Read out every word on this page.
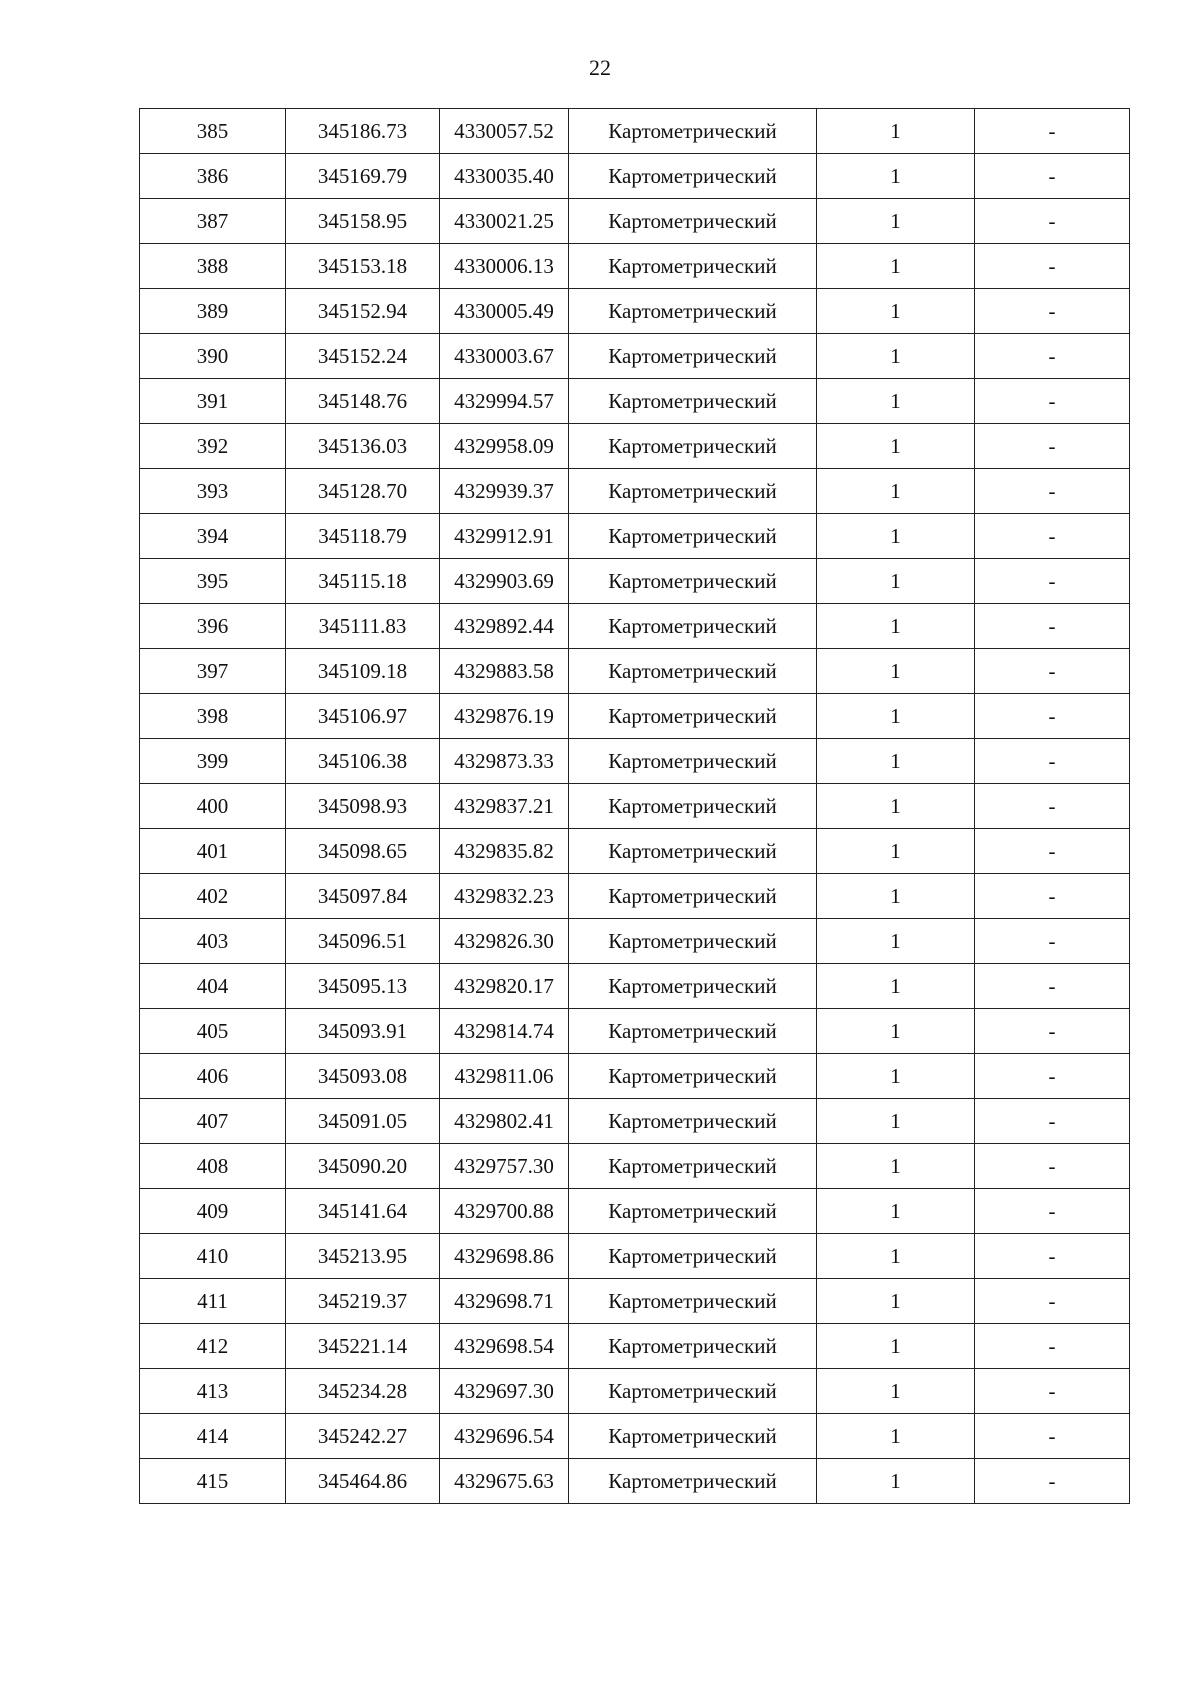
22
385	345186.73	4330057.52	Картометрический	1	-
386	345169.79	4330035.40	Картометрический	1	-
387	345158.95	4330021.25	Картометрический	1	-
388	345153.18	4330006.13	Картометрический	1	-
389	345152.94	4330005.49	Картометрический	1	-
390	345152.24	4330003.67	Картометрический	1	-
391	345148.76	4329994.57	Картометрический	1	-
392	345136.03	4329958.09	Картометрический	1	-
393	345128.70	4329939.37	Картометрический	1	-
394	345118.79	4329912.91	Картометрический	1	-
395	345115.18	4329903.69	Картометрический	1	-
396	345111.83	4329892.44	Картометрический	1	-
397	345109.18	4329883.58	Картометрический	1	-
398	345106.97	4329876.19	Картометрический	1	-
399	345106.38	4329873.33	Картометрический	1	-
400	345098.93	4329837.21	Картометрический	1	-
401	345098.65	4329835.82	Картометрический	1	-
402	345097.84	4329832.23	Картометрический	1	-
403	345096.51	4329826.30	Картометрический	1	-
404	345095.13	4329820.17	Картометрический	1	-
405	345093.91	4329814.74	Картометрический	1	-
406	345093.08	4329811.06	Картометрический	1	-
407	345091.05	4329802.41	Картометрический	1	-
408	345090.20	4329757.30	Картометрический	1	-
409	345141.64	4329700.88	Картометрический	1	-
410	345213.95	4329698.86	Картометрический	1	-
411	345219.37	4329698.71	Картометрический	1	-
412	345221.14	4329698.54	Картометрический	1	-
413	345234.28	4329697.30	Картометрический	1	-
414	345242.27	4329696.54	Картометрический	1	-
415	345464.86	4329675.63	Картометрический	1	-
